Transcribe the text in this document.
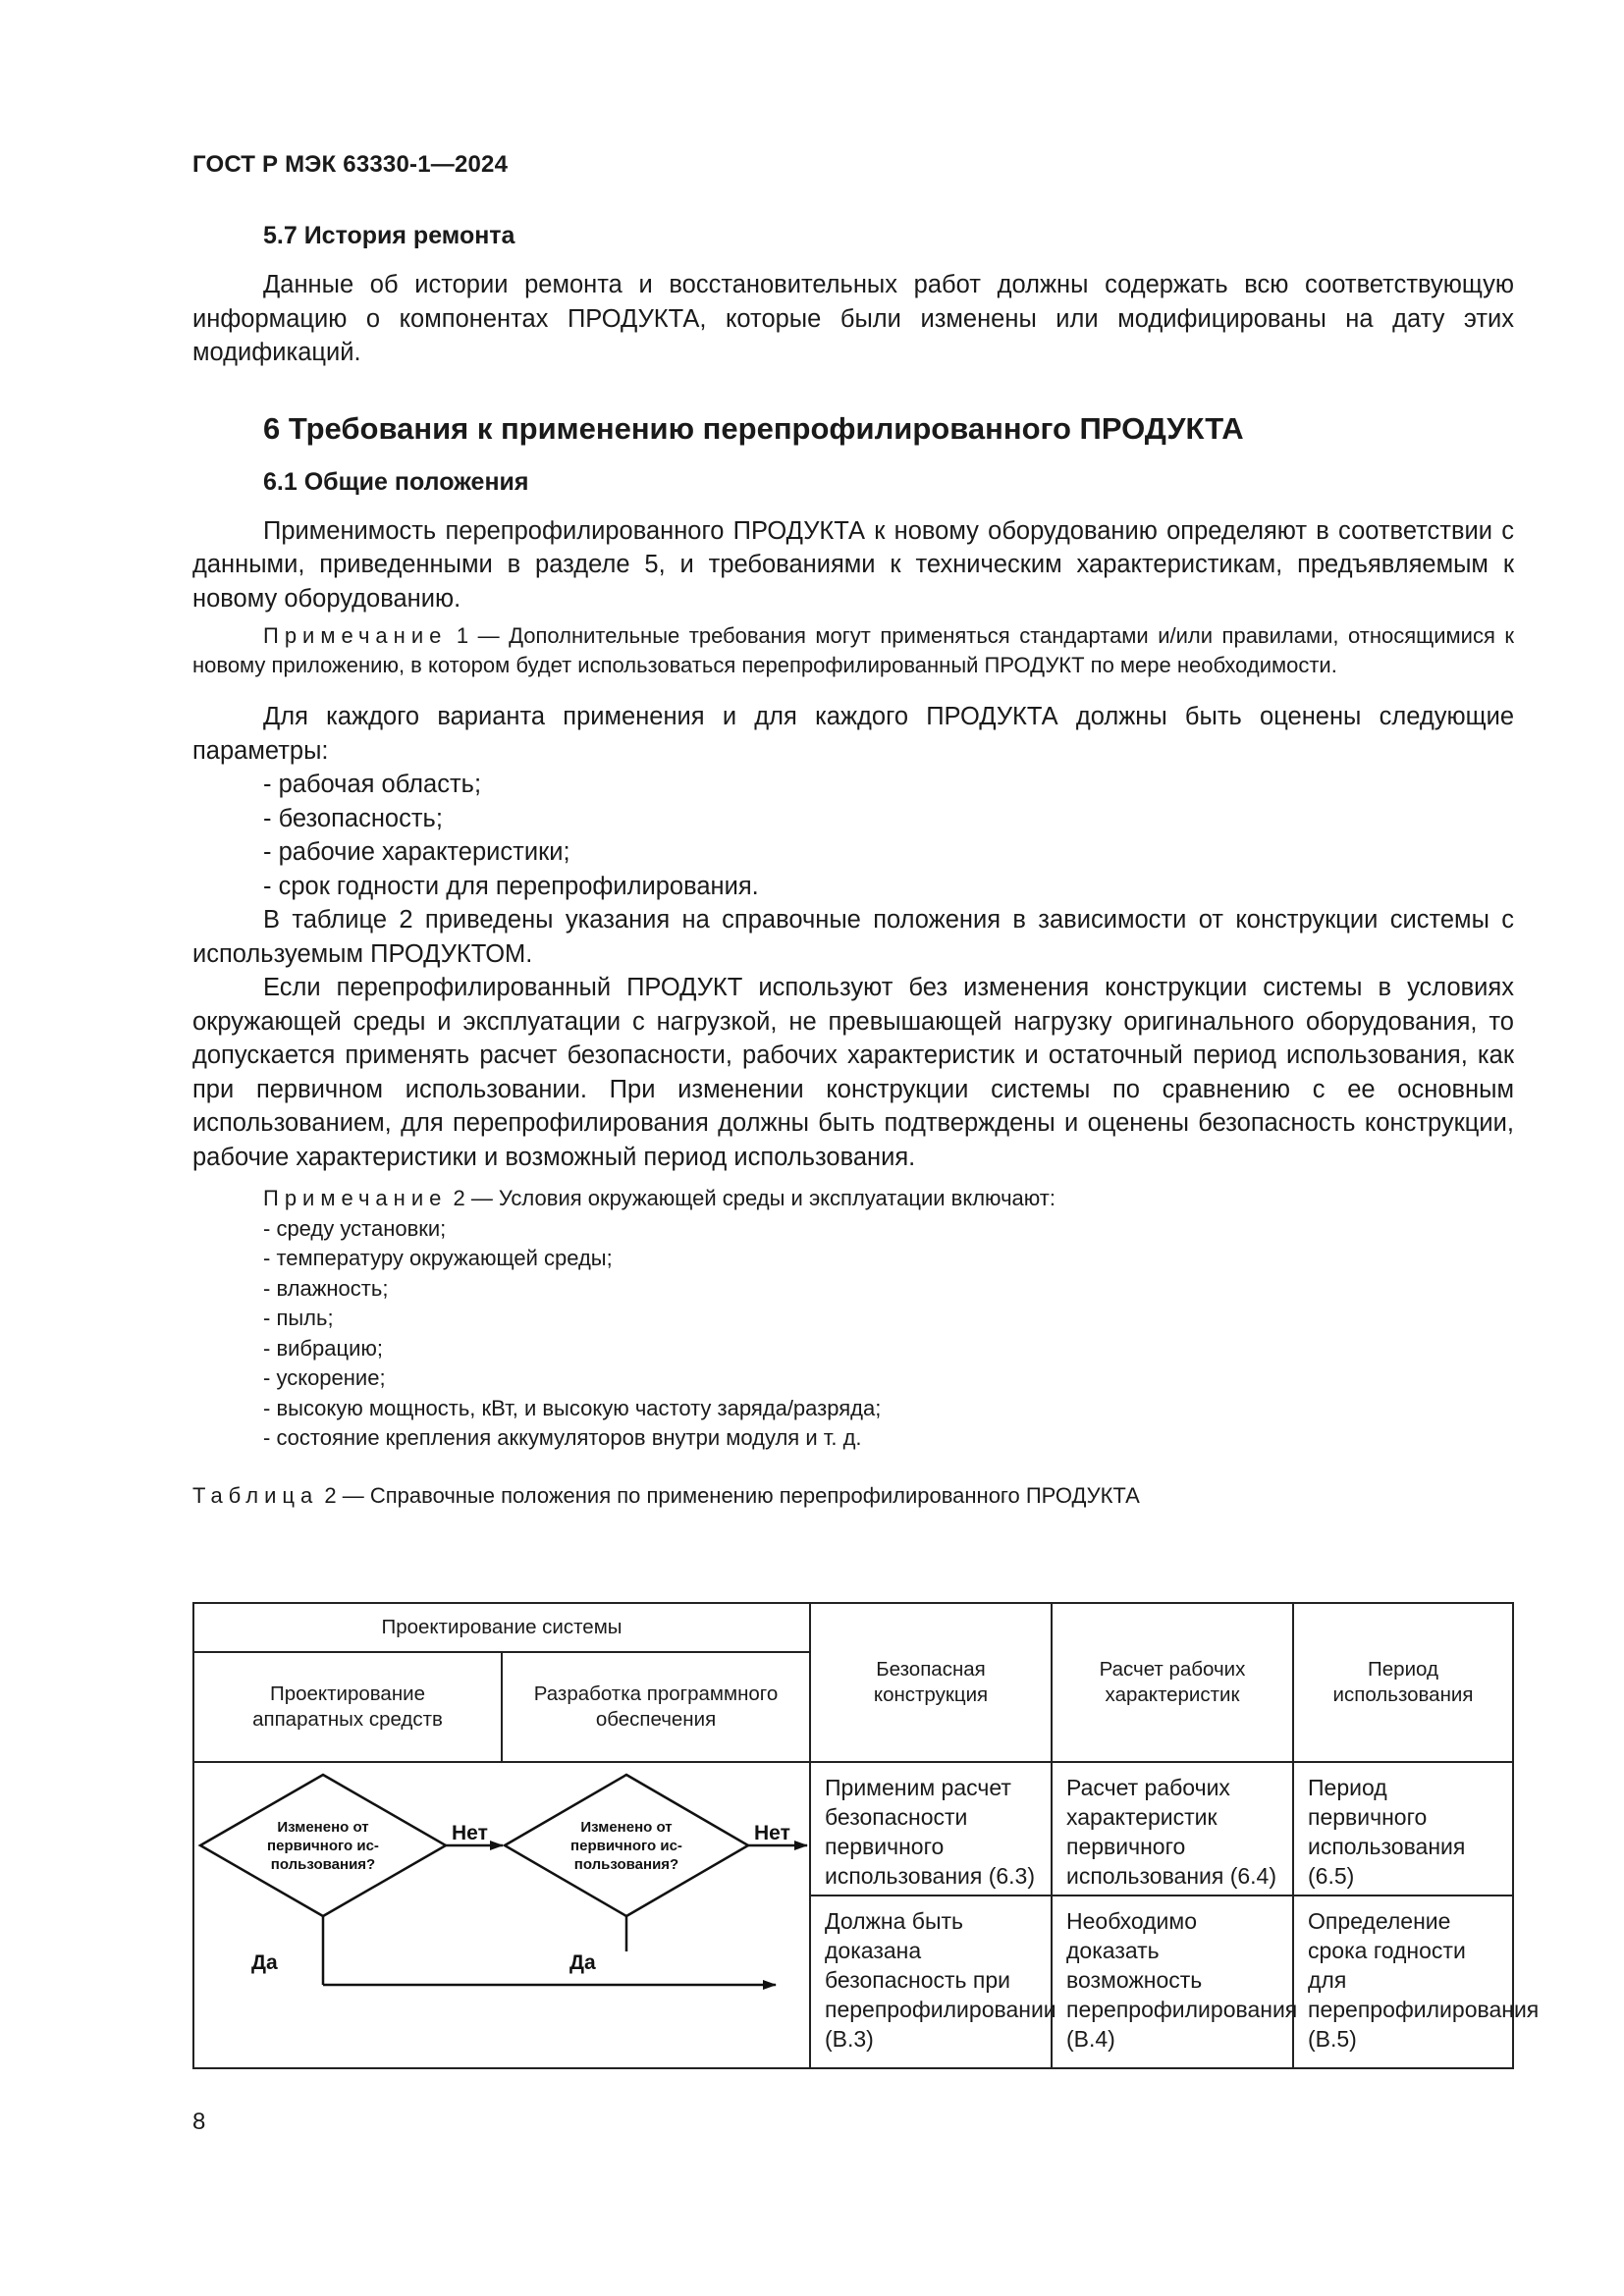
ГОСТ Р МЭК 63330-1—2024
5.7 История ремонта

Данные об истории ремонта и восстановительных работ должны содержать всю соответствующую информацию о компонентах ПРОДУКТА, которые были изменены или модифицированы на дату этих модификаций.

6 Требования к применению перепрофилированного ПРОДУКТА
6.1 Общие положения

Применимость перепрофилированного ПРОДУКТА к новому оборудованию определяют в соответствии с данными, приведенными в разделе 5, и требованиями к техническим характеристикам, предъявляемым к новому оборудованию.

Примечание 1 — Дополнительные требования могут применяться стандартами и/или правилами, относящимися к новому приложению, в котором будет использоваться перепрофилированный ПРОДУКТ по мере необходимости.

Для каждого варианта применения и для каждого ПРОДУКТА должны быть оценены следующие параметры:

- рабочая область;
- безопасность;
- рабочие характеристики;
- срок годности для перепрофилирования.

В таблице 2 приведены указания на справочные положения в зависимости от конструкции системы с используемым ПРОДУКТОМ.

Если перепрофилированный ПРОДУКТ используют без изменения конструкции системы в условиях окружающей среды и эксплуатации с нагрузкой, не превышающей нагрузку оригинального оборудования, то допускается применять расчет безопасности, рабочих характеристик и остаточный период использования, как при первичном использовании. При изменении конструкции системы по сравнению с ее основным использованием, для перепрофилирования должны быть подтверждены и оценены безопасность конструкции, рабочие характеристики и возможный период использования.

Примечание 2 — Условия окружающей среды и эксплуатации включают:
- среду установки;
- температуру окружающей среды;
- влажность;
- пыль;
- вибрацию;
- ускорение;
- высокую мощность, кВт, и высокую частоту заряда/разряда;
- состояние крепления аккумуляторов внутри модуля и т. д.
Таблица 2 — Справочные положения по применению перепрофилированного ПРОДУКТА
Проектирование системы
Проектирование аппаратных средств
Разработка программного обеспечения
Безопасная конструкция
Расчет рабочих характеристик
Период использования
Изменено от
первичного ис-
пользования?
Изменено от
первичного ис-
пользования?
Нет	Нет
Да	Да
Применим расчет безопасности первичного использования (6.3)
Расчет рабочих характеристик первичного использования (6.4)
Период первичного использования (6.5)
Должна быть доказана безопасность при перепрофилировании (В.3)
Необходимо доказать возможность перепрофилирования (В.4)
Определение срока годности для перепрофилирования (В.5)
8
